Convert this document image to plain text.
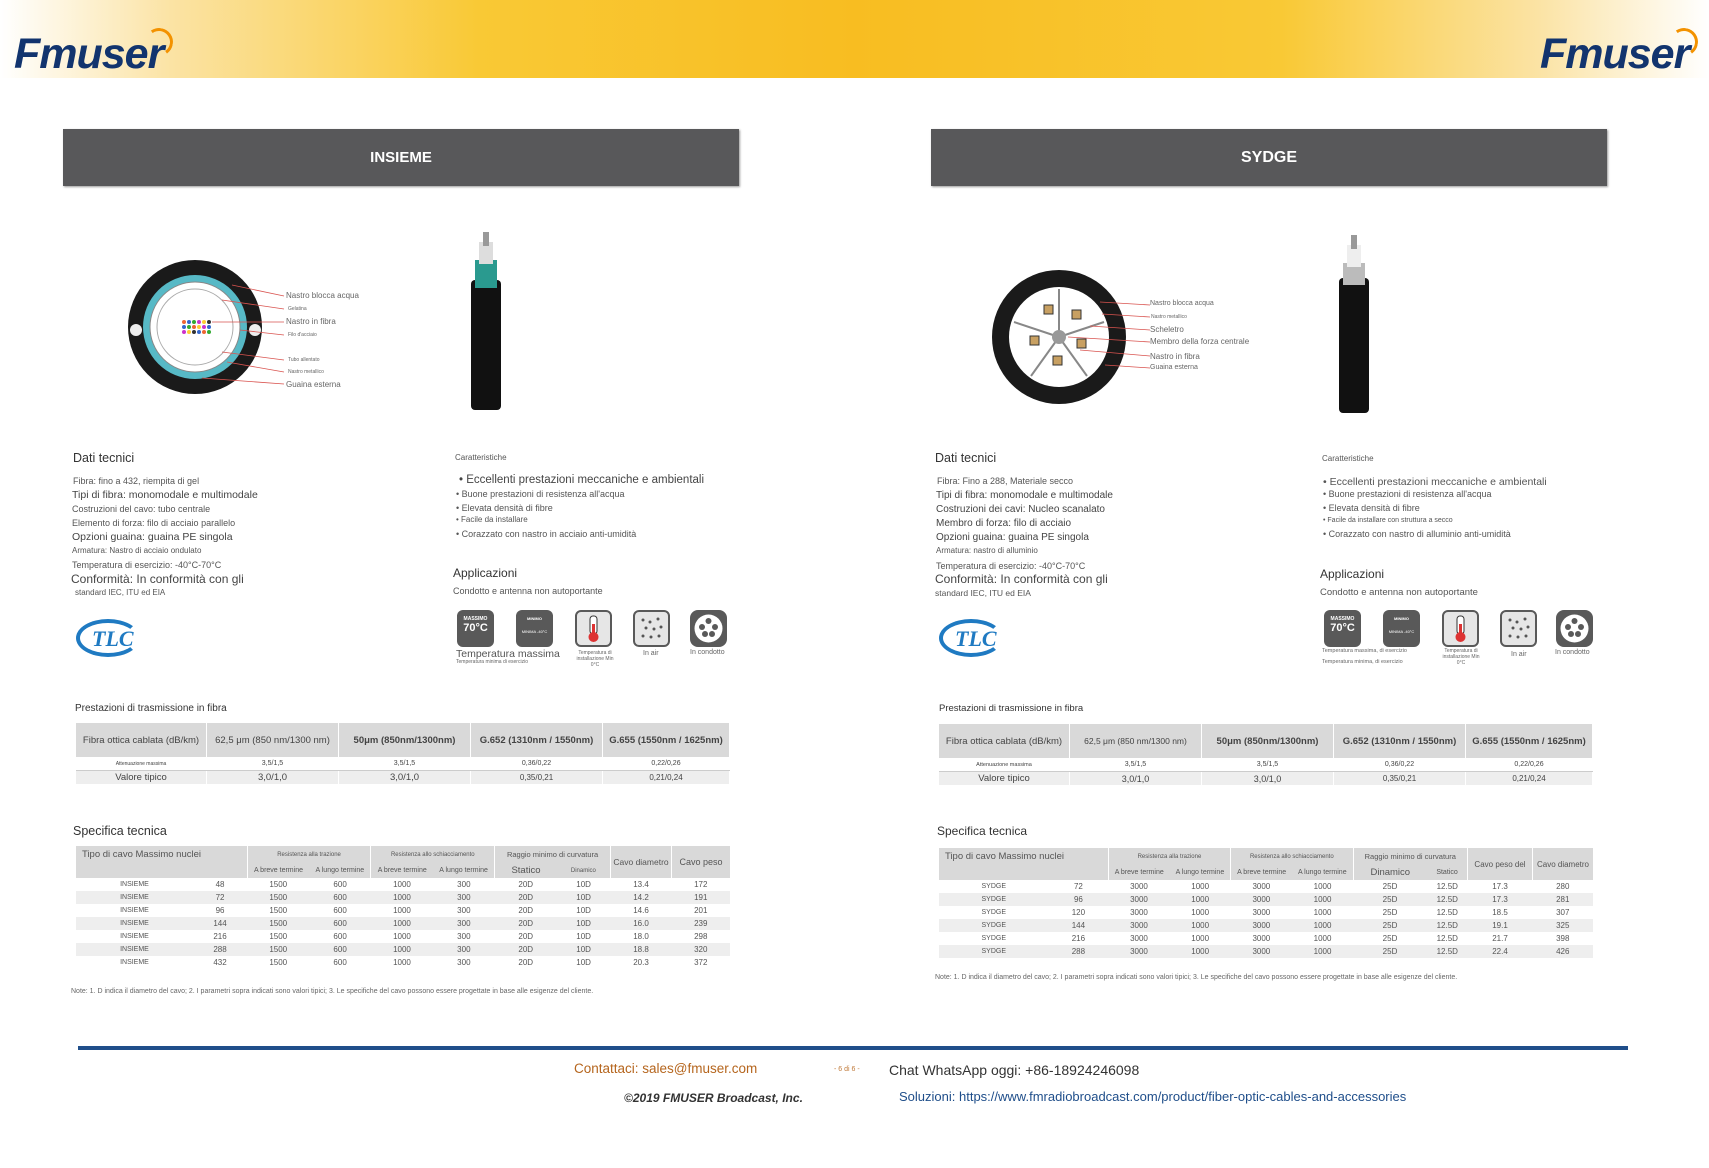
Fmuser	Fmuser
INSIEME
Nastro blocca acqua
Gelatina
Nastro in fibra
Filo d'acciaio
Tubo allentato
Nastro metallico
Guaina esterna
Dati tecnici
Fibra: fino a 432, riempita di gel
Tipi di fibra: monomodale e multimodale
Costruzioni del cavo: tubo centrale
Elemento di forza: filo di acciaio parallelo
Opzioni guaina: guaina PE singola
Armatura: Nastro di acciaio ondulato
Temperatura di esercizio: -40°C-70°C
Conformità: In conformità con gli
standard IEC, ITU ed EIA
TLC
Caratteristiche
• Eccellenti prestazioni meccaniche e ambientali
• Buone prestazioni di resistenza all'acqua
• Elevata densità di fibre
• Facile da installare
• Corazzato con nastro in acciaio anti-umidità
Applicazioni
Condotto e antenna non autoportante
MASSIMO
70°C
MINIMO
MINIMA -40°C
Temperatura massima
Temperatura minima di esercizio
Temperatura di installazione Min 0°C
In air	In condotto
Prestazioni di trasmissione in fibra
Fibra ottica cablata (dB/km)	62,5 μm (850 nm/1300 nm)	50μm (850nm/1300nm)	G.652 (1310nm / 1550nm)	G.655 (1550nm / 1625nm)
Attenuazione massima	3,5/1,5	3,5/1,5	0,36/0,22	0,22/0,26
Valore tipico	3,0/1,0	3,0/1,0	0,35/0,21	0,21/0,24
Specifica tecnica
Tipo di cavo Massimo nuclei		Resistenza alla trazione		Resistenza allo schiacciamento		Raggio minimo di curvatura		Cavo diametro	Cavo peso
		A breve termine	A lungo termine	A breve termine	A lungo termine	Statico	Dinamico		
INSIEME	48	1500	600	1000	300	20D	10D	13.4	172
INSIEME	72	1500	600	1000	300	20D	10D	14.2	191
INSIEME	96	1500	600	1000	300	20D	10D	14.6	201
INSIEME	144	1500	600	1000	300	20D	10D	16.0	239
INSIEME	216	1500	600	1000	300	20D	10D	18.0	298
INSIEME	288	1500	600	1000	300	20D	10D	18.8	320
INSIEME	432	1500	600	1000	300	20D	10D	20.3	372
Note: 1. D indica il diametro del cavo; 2. I parametri sopra indicati sono valori tipici; 3. Le specifiche del cavo possono essere progettate in base alle esigenze del cliente.
SYDGE
Nastro blocca acqua
Nastro metallico
Scheletro
Membro della forza centrale
Nastro in fibra
Guaina esterna
Dati tecnici
Fibra: Fino a 288, Materiale secco
Tipi di fibra: monomodale e multimodale
Costruzioni dei cavi: Nucleo scanalato
Membro di forza: filo di acciaio
Opzioni guaina: guaina PE singola
Armatura: nastro di alluminio
Temperatura di esercizio: -40°C-70°C
Conformità: In conformità con gli
standard IEC, ITU ed EIA
TLC
Caratteristiche
• Eccellenti prestazioni meccaniche e ambientali
• Buone prestazioni di resistenza all'acqua
• Elevata densità di fibre
• Facile da installare con struttura a secco
• Corazzato con nastro di alluminio anti-umidità
Applicazioni
Condotto e antenna non autoportante
MASSIMO
70°C
MINIMO
MINIMA -40°C
Temperatura massima, di esercizio
Temperatura minima, di esercizio
Temperatura di installazione Min 0°C
In air	In condotto
Prestazioni di trasmissione in fibra
Fibra ottica cablata (dB/km)	62,5 μm (850 nm/1300 nm)	50μm (850nm/1300nm)	G.652 (1310nm / 1550nm)	G.655 (1550nm / 1625nm)
Attenuazione massima	3,5/1,5	3,5/1,5	0,36/0,22	0,22/0,26
Valore tipico	3,0/1,0	3,0/1,0	0,35/0,21	0,21/0,24
Specifica tecnica
Tipo di cavo Massimo nuclei		Resistenza alla trazione		Resistenza allo schiacciamento		Raggio minimo di curvatura		Cavo peso del	Cavo diametro
		A breve termine	A lungo termine	A breve termine	A lungo termine	Dinamico	Statico		
SYDGE	72	3000	1000	3000	1000	25D	12.5D	17.3	280
SYDGE	96	3000	1000	3000	1000	25D	12.5D	17.3	281
SYDGE	120	3000	1000	3000	1000	25D	12.5D	18.5	307
SYDGE	144	3000	1000	3000	1000	25D	12.5D	19.1	325
SYDGE	216	3000	1000	3000	1000	25D	12.5D	21.7	398
SYDGE	288	3000	1000	3000	1000	25D	12.5D	22.4	426
Note: 1. D indica il diametro del cavo; 2. I parametri sopra indicati sono valori tipici; 3. Le specifiche del cavo possono essere progettate in base alle esigenze del cliente.
Contattaci: sales@fmuser.com	- 6 di 6 - Chat WhatsApp oggi: +86-18924246098
©2019 FMUSER Broadcast, Inc.	Soluzioni: https://www.fmradiobroadcast.com/product/fiber-optic-cables-and-accessories
